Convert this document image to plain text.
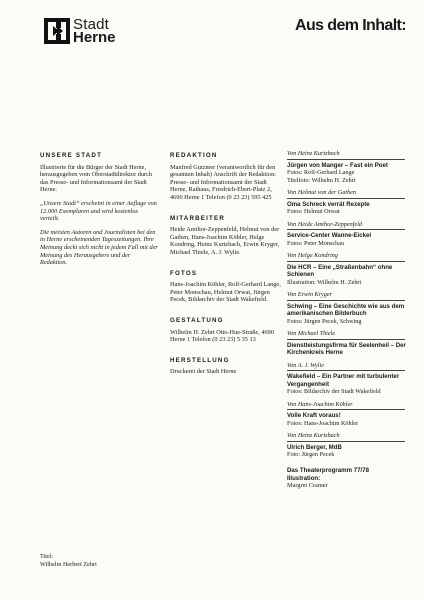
Stadt
Herne
Aus dem Inhalt:
UNSERE STADT

Illustrierte für die Bürger der Stadt Herne, herausgegeben vom Oberstadtdirektor durch das Presse- und Informationsamt der Stadt Herne.

„Unsere Stadt“ erscheint in einer Auflage von 12.000 Exemplaren und wird kostenlos verteilt.

Die meisten Autoren und Journalisten bei den in Herne erscheinenden Tageszeitungen. Ihre Meinung deckt sich nicht in jedem Fall mit der Meinung des Herausgebers und der Redaktion.

REDAKTION
Manfred Gutzmer (verantwortlich für den gesamten Inhalt) Anschrift der Redaktion: Presse- und Informationsamt der Stadt Herne, Rathaus, Friedrich-Ebert-Platz 2, 4690 Herne 1 Telefon (0 23 23) 595 425
MITARBEITER
Heide Amthor-Zeppenfeld, Helmut von der Gathen, Hans-Joachim Köhler, Helge Kondring, Heinz Kurtzbach, Erwin Kryger, Michael Thiele, A. J. Wylie.
FOTOS
Hans-Joachim Köhler, Rolf-Gerhard Lange, Peter Monschau, Helmut Orwat, Jürgen Pecek, Bildarchiv der Stadt Wakefield.
GESTALTUNG
Wilhelm H. Zehrt Otto-Hue-Straße, 4690 Herne 1 Telefon (0 23 23) 5 35 13
HERSTELLUNG
Druckerei der Stadt Herne
Von Heinz Kurtzbach
Jürgen von Manger – Fast ein Poet
Fotos: Rolf-Gerhard Lange
Titelfoto: Wilhelm H. Zehrt
Von Helmut von der Gathen
Oma Schreck verrät Rezepte
Fotos: Helmut Orwat
Von Heide Amthor-Zeppenfeld
Service-Center Wanne-Eickel
Fotos: Peter Monschau
Von Helge Kondring
Die HCR – Eine „Straßenbahn“ ohne Schienen
Illustration: Wilhelm H. Zehrt
Von Erwin Kryger
Schwing – Eine Geschichte wie aus dem amerikanischen Bilderbuch
Fotos: Jürgen Pecek, Schwing
Von Michael Thiele
Dienstleistungsfirma für Seelenheil – Der Kirchenkreis Herne
Von A. J. Wylie
Wakefield – Ein Partner mit turbulenter Vergangenheit
Fotos: Bildarchiv der Stadt Wakefield
Von Hans-Joachim Köhler
Volle Kraft voraus!
Fotos: Hans-Joachim Köhler
Von Heinz Kurtzbach
Ulrich Berger, MdB
Foto: Jürgen Pecek
Das Theaterprogramm 77/78
Illustration:
Margret Cramer
Titel:
Wilhelm Herbert Zehrt
